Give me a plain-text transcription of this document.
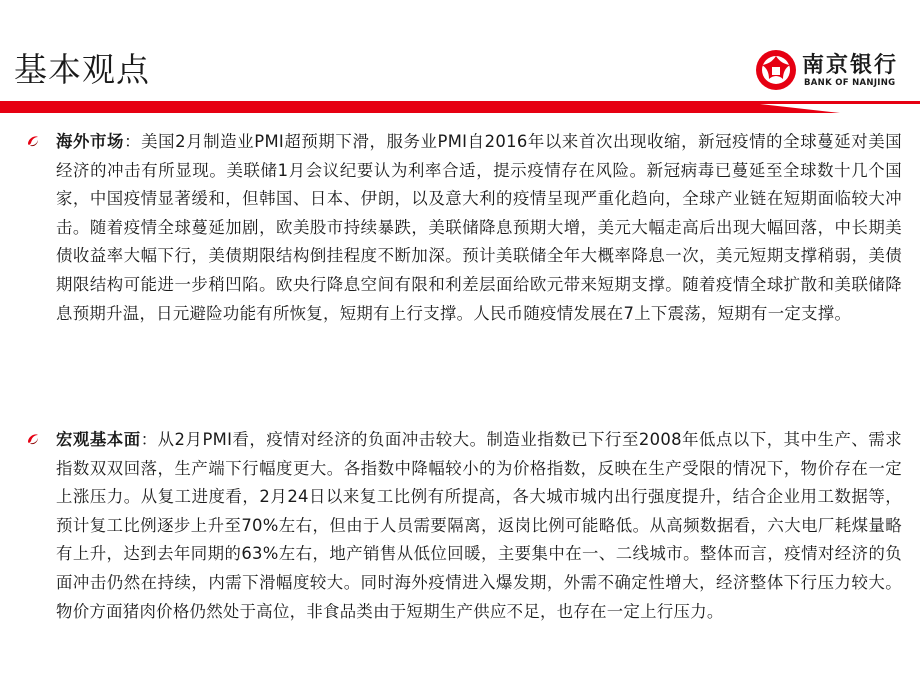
基本观点	南京银行
BANK OF NANJING

海外市场：美国2月制造业PMI超预期下滑，服务业PMI自2016年以来首次出现收缩，新冠疫情的全球蔓延对美国经济的冲击有所显现。美联储1月会议纪要认为利率合适，提示疫情存在风险。新冠病毒已蔓延至全球数十几个国家，中国疫情显著缓和，但韩国、日本、伊朗，以及意大利的疫情呈现严重化趋向，全球产业链在短期面临较大冲击。随着疫情全球蔓延加剧，欧美股市持续暴跌，美联储降息预期大增，美元大幅走高后出现大幅回落，中长期美债收益率大幅下行，美债期限结构倒挂程度不断加深。预计美联储全年大概率降息一次，美元短期支撑稍弱，美债期限结构可能进一步稍凹陷。欧央行降息空间有限和利差层面给欧元带来短期支撑。随着疫情全球扩散和美联储降息预期升温，日元避险功能有所恢复，短期有上行支撑。人民币随疫情发展在7上下震荡，短期有一定支撑。

宏观基本面：从2月PMI看，疫情对经济的负面冲击较大。制造业指数已下行至2008年低点以下，其中生产、需求指数双双回落，生产端下行幅度更大。各指数中降幅较小的为价格指数，反映在生产受限的情况下，物价存在一定上涨压力。从复工进度看，2月24日以来复工比例有所提高，各大城市城内出行强度提升，结合企业用工数据等，预计复工比例逐步上升至70%左右，但由于人员需要隔离，返岗比例可能略低。从高频数据看，六大电厂耗煤量略有上升，达到去年同期的63%左右，地产销售从低位回暖，主要集中在一、二线城市。整体而言，疫情对经济的负面冲击仍然在持续，内需下滑幅度较大。同时海外疫情进入爆发期，外需不确定性增大，经济整体下行压力较大。物价方面猪肉价格仍然处于高位，非食品类由于短期生产供应不足，也存在一定上行压力。
